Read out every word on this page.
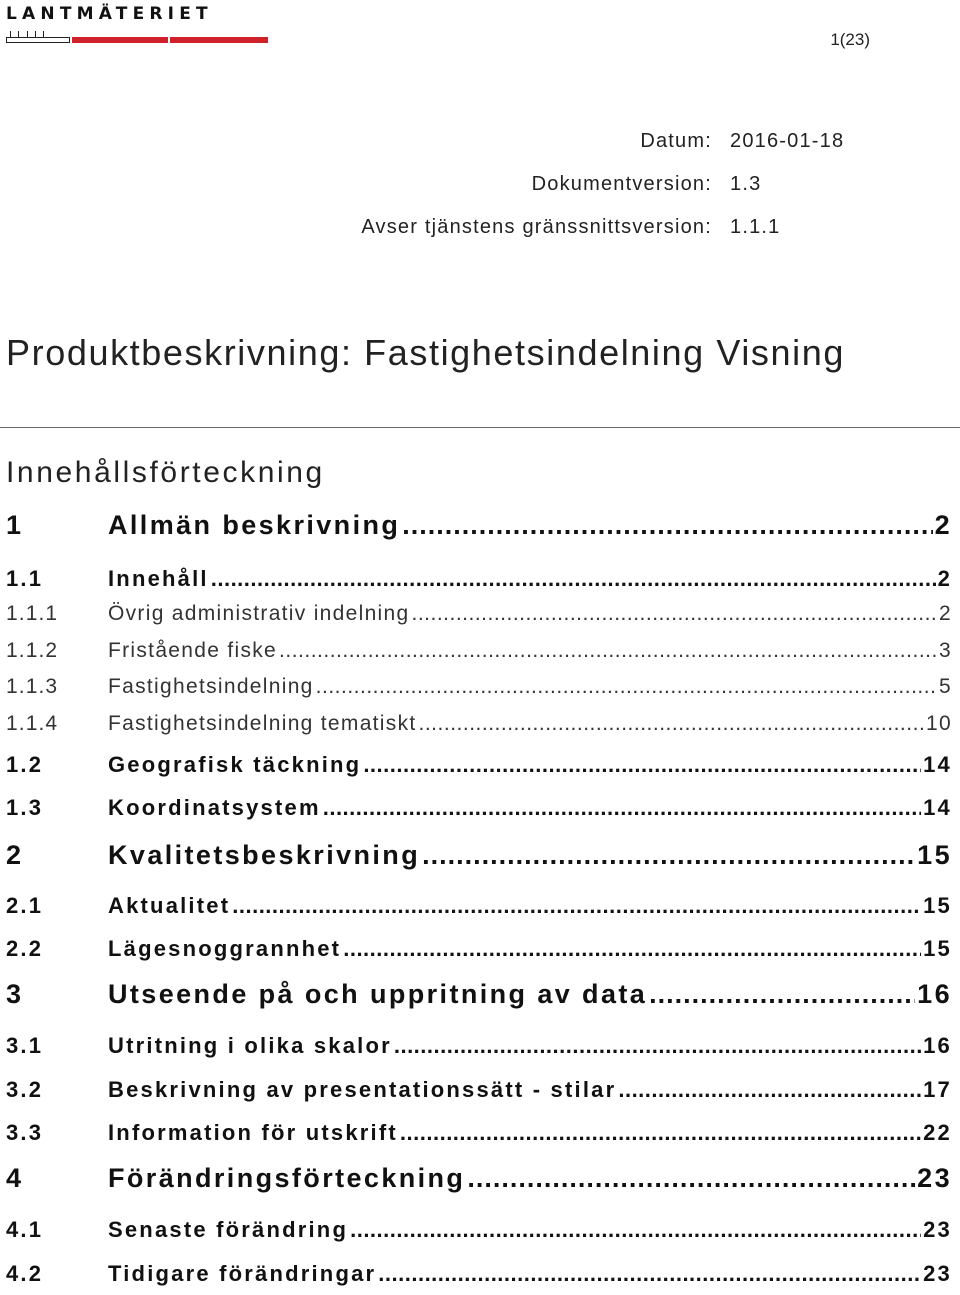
LANTMÄTERIET
1(23)
Datum: 2016-01-18
Dokumentversion: 1.3
Avser tjänstens gränssnittsversion: 1.1.1
Produktbeskrivning: Fastighetsindelning Visning
Innehållsförteckning
1	Allmän beskrivning .....	2
1.1	Innehåll .....	2
1.1.1	Övrig administrativ indelning .....	2
1.1.2	Fristående fiske .....	3
1.1.3	Fastighetsindelning .....	5
1.1.4	Fastighetsindelning tematiskt .....	10
1.2	Geografisk täckning .....	14
1.3	Koordinatsystem .....	14
2	Kvalitetsbeskrivning .....	15
2.1	Aktualitet .....	15
2.2	Lägesnoggrannhet .....	15
3	Utseende på och uppritning av data .....	16
3.1	Utritning i olika skalor .....	16
3.2	Beskrivning av presentationssätt - stilar .....	17
3.3	Information för utskrift .....	22
4	Förändringsförteckning .....	23
4.1	Senaste förändring .....	23
4.2	Tidigare förändringar .....	23
